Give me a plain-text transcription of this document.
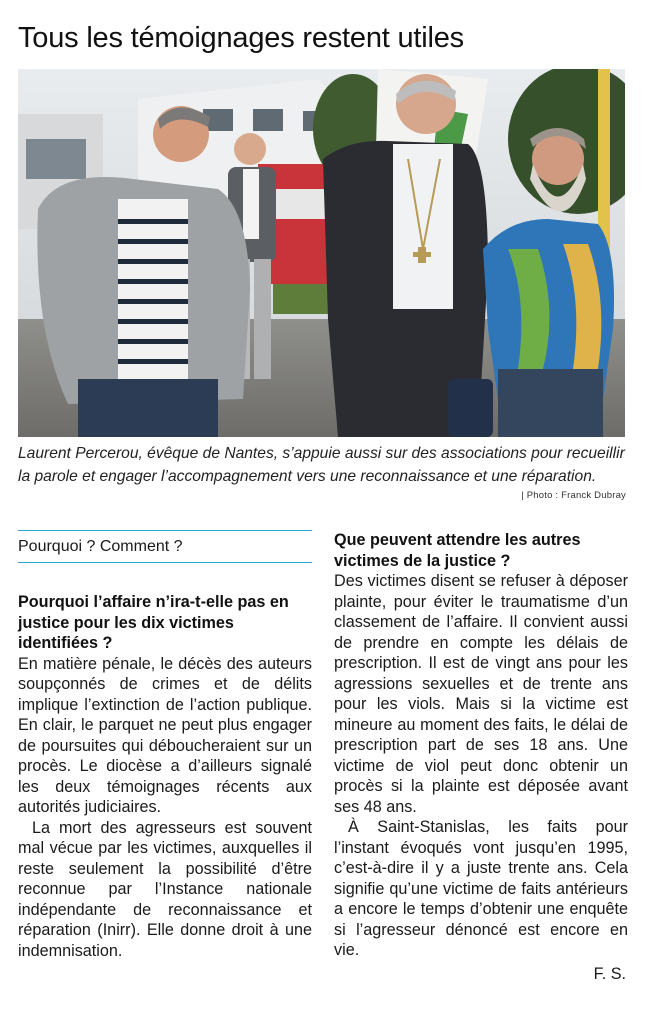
Tous les témoignages restent utiles

Laurent Percerou, évêque de Nantes, s’appuie aussi sur des associations pour recueillir la parole et engager l’accompagnement vers une reconnaissance et une réparation.

| Photo : Franck Dubray
Pourquoi ? Comment ?
Pourquoi l’affaire n’ira-t-elle pas en justice pour les dix victimes identifiées ?

En matière pénale, le décès des auteurs soupçonnés de crimes et de délits implique l’extinction de l’action publique. En clair, le parquet ne peut plus engager de poursuites qui déboucheraient sur un procès. Le diocèse a d’ailleurs signalé les deux témoignages récents aux autorités judiciaires.

La mort des agresseurs est souvent mal vécue par les victimes, auxquelles il reste seulement la possibilité d’être reconnue par l’Instance nationale indépendante de reconnaissance et réparation (Inirr). Elle donne droit à une indemnisation.

Que peuvent attendre les autres victimes de la justice ?

Des victimes disent se refuser à déposer plainte, pour éviter le traumatisme d’un classement de l’affaire. Il convient aussi de prendre en compte les délais de prescription. Il est de vingt ans pour les agressions sexuelles et de trente ans pour les viols. Mais si la victime est mineure au moment des faits, le délai de prescription part de ses 18 ans. Une victime de viol peut donc obtenir un procès si la plainte est déposée avant ses 48 ans.

À Saint-Stanislas, les faits pour l’instant évoqués vont jusqu’en 1995, c’est-à-dire il y a juste trente ans. Cela signifie qu’une victime de faits antérieurs a encore le temps d’obtenir une enquête si l’agresseur dénoncé est encore en vie.

F. S.
